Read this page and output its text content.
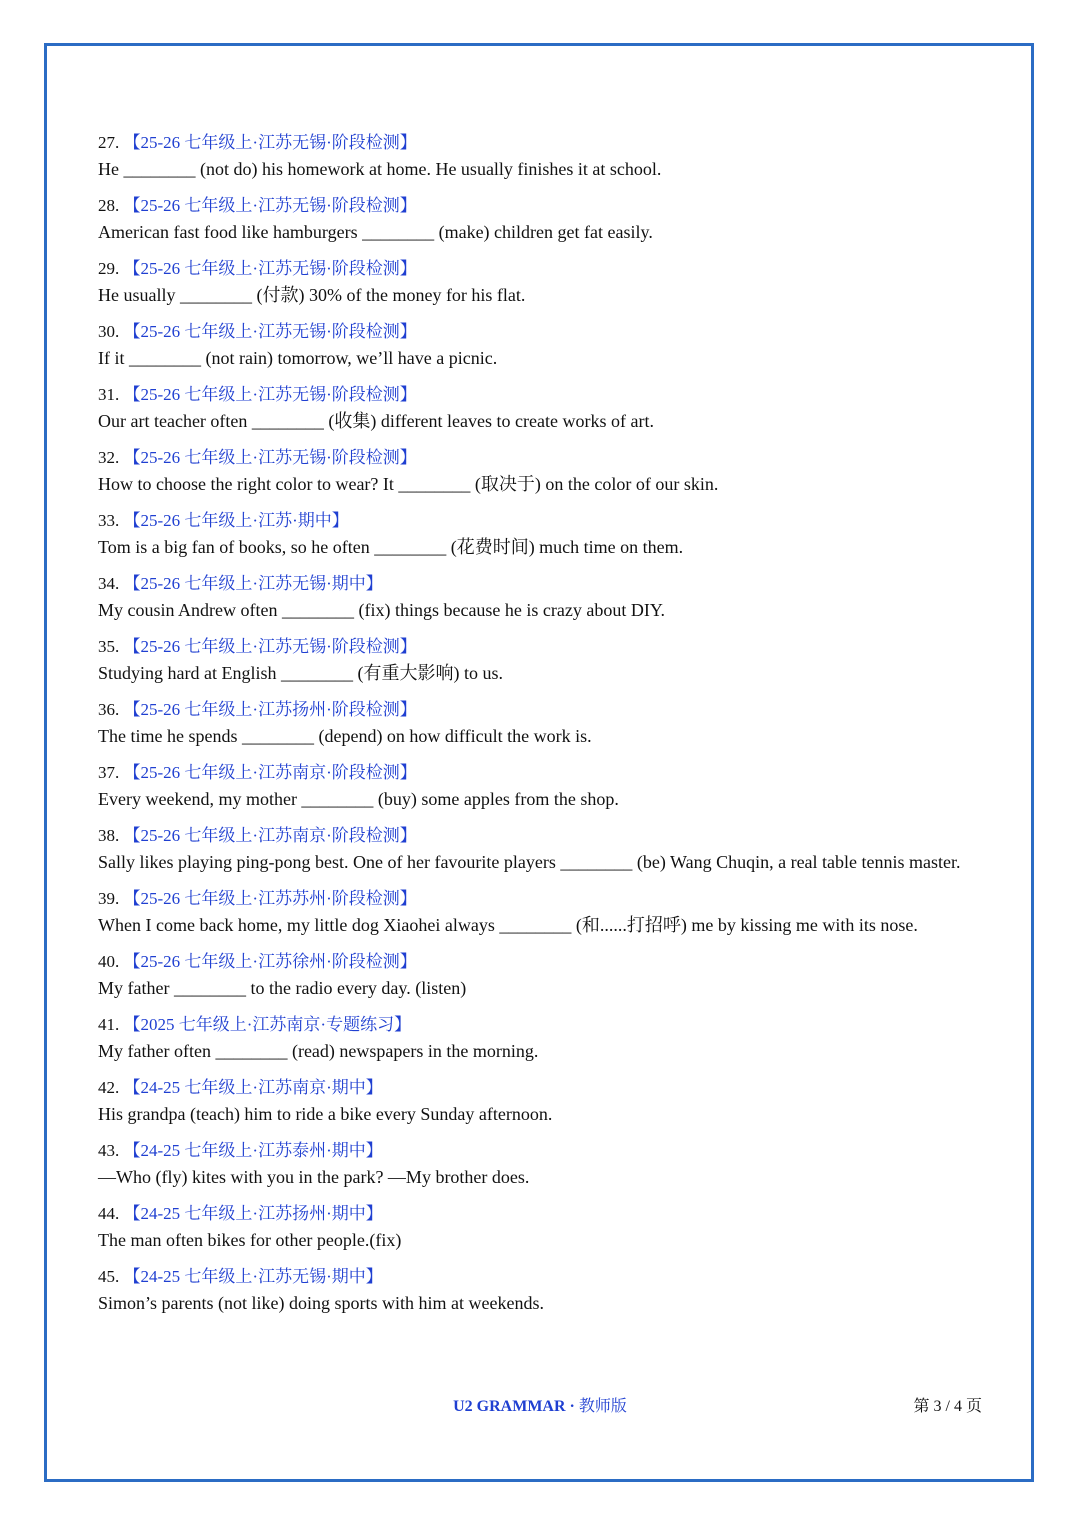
27. 【25-26 七年级上·江苏无锡·阶段检测】
He ________ (not do) his homework at home. He usually finishes it at school.
28. 【25-26 七年级上·江苏无锡·阶段检测】
American fast food like hamburgers ________ (make) children get fat easily.
29. 【25-26 七年级上·江苏无锡·阶段检测】
He usually ________ (付款) 30% of the money for his flat.
30. 【25-26 七年级上·江苏无锡·阶段检测】
If it ________ (not rain) tomorrow, we’ll have a picnic.
31. 【25-26 七年级上·江苏无锡·阶段检测】
Our art teacher often ________ (收集) different leaves to create works of art.
32. 【25-26 七年级上·江苏无锡·阶段检测】
How to choose the right color to wear? It ________ (取决于) on the color of our skin.
33. 【25-26 七年级上·江苏·期中】
Tom is a big fan of books, so he often ________ (花费时间) much time on them.
34. 【25-26 七年级上·江苏无锡·期中】
My cousin Andrew often ________ (fix) things because he is crazy about DIY.
35. 【25-26 七年级上·江苏无锡·阶段检测】
Studying hard at English ________ (有重大影响) to us.
36. 【25-26 七年级上·江苏扬州·阶段检测】
The time he spends ________ (depend) on how difficult the work is.
37. 【25-26 七年级上·江苏南京·阶段检测】
Every weekend, my mother ________ (buy) some apples from the shop.
38. 【25-26 七年级上·江苏南京·阶段检测】
Sally likes playing ping-pong best. One of her favourite players ________ (be) Wang Chuqin, a real table tennis master.
39. 【25-26 七年级上·江苏苏州·阶段检测】
When I come back home, my little dog Xiaohei always ________ (和......打招呼) me by kissing me with its nose.
40. 【25-26 七年级上·江苏徐州·阶段检测】
My father ________ to the radio every day. (listen)
41. 【2025 七年级上·江苏南京·专题练习】
My father often ________ (read) newspapers in the morning.
42. 【24-25 七年级上·江苏南京·期中】
His grandpa (teach) him to ride a bike every Sunday afternoon.
43. 【24-25 七年级上·江苏泰州·期中】
—Who (fly) kites with you in the park? —My brother does.
44. 【24-25 七年级上·江苏扬州·期中】
The man often bikes for other people.(fix)
45. 【24-25 七年级上·江苏无锡·期中】
Simon’s parents (not like) doing sports with him at weekends.
U2 GRAMMAR · 教师版	第 3 / 4 页
